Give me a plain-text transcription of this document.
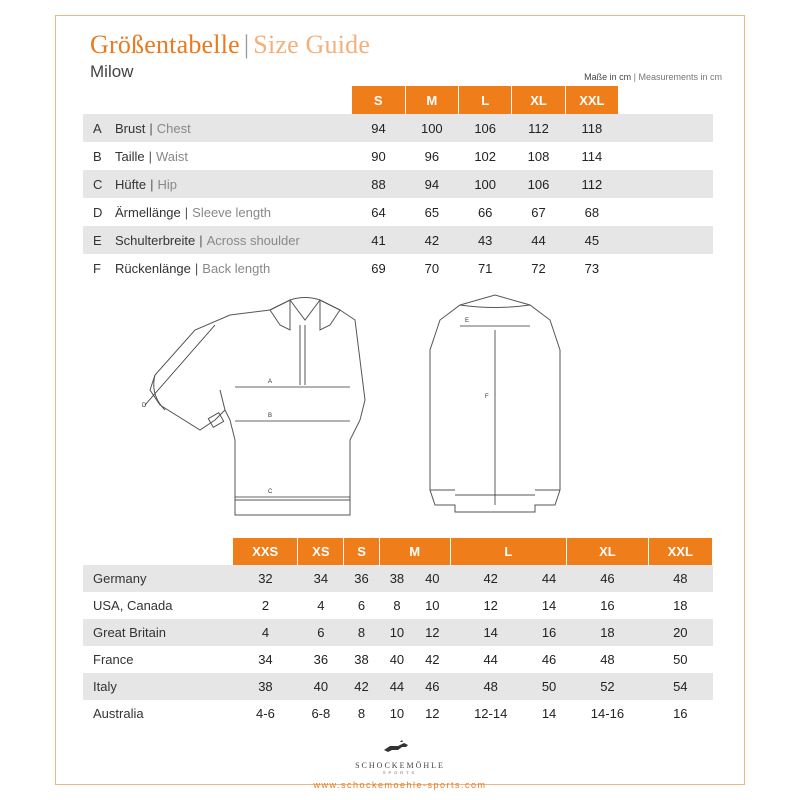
Größentabelle | Size Guide
Milow	Maße in cm | Measurements in cm
	S	M	L	XL	XXL	
A Brust | Chest	94	100	106	112	118	
B Taille | Waist	90	96	102	108	114	
C Hüfte | Hip	88	94	100	106	112	
D Ärmellänge | Sleeve length	64	65	66	67	68	
E Schulterbreite | Across shoulder	41	42	43	44	45	
F Rückenlänge | Back length	69	70	71	72	73	
A
B
C
D
E
F
	XXS	XS	S	M		L		XL	XXL
Germany	32	34	36	38	40	42	44	46	48
USA, Canada	2	4	6	8	10	12	14	16	18
Great Britain	4	6	8	10	12	14	16	18	20
France	34	36	38	40	42	44	46	48	50
Italy	38	40	42	44	46	48	50	52	54
Australia	4-6	6-8	8	10	12	12-14	14	14-16	16
SCHOCKEMÖHLE
SPORTS
www.schockemoehle-sports.com
